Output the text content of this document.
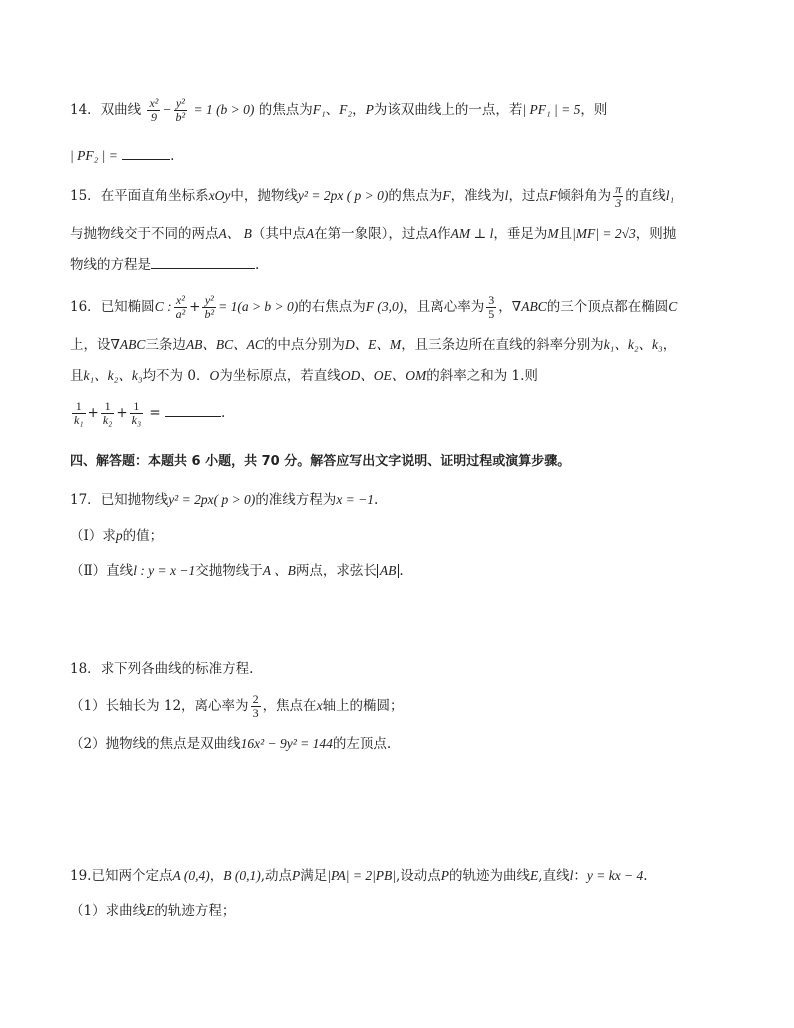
14．双曲线 $\frac{\text{x²}}{9} - \frac{\text{y²}}{\text{b²}} = 1$ (b > 0) 的焦点为F₁、F₂，P为该双曲线上的一点，若| PF₁ | = 5，则
| PF₂ | =	.
15．在平面直角坐标系xOy中，抛物线y² = 2px ( p > 0)的焦点为F，准线为l，过点F倾斜角为 $\frac{\pi}{3}$ 的直线l₁
与抛物线交于不同的两点A、 B（其中点A在第一象限），过点A作AM ⊥ l，垂足为M且|MF| = 2√3，则抛
物线的方程是	.
16．已知椭圆C : $\frac{\text{x²}}{\text{a²}} + \frac{\text{y²}}{\text{b²}} = 1(a > b > 0)$的右焦点为F (3,0)，且离心率为 $\frac{3}{5}$ ，∇ABC的三个顶点都在椭圆C
上，设∇ABC三条边AB、BC、AC的中点分别为D、E、M，且三条边所在直线的斜率分别为k₁、k₂、k₃，
且k₁、k₂、k₃均不为 0．O为坐标原点，若直线OD、OE、OM的斜率之和为 1.则
$\frac{1}{\text{k₁}} + \frac{1}{\text{k₂}} + \frac{1}{\text{k₃}}$ =	.
四、解答题：本题共 6 小题，共 70 分。解答应写出文字说明、证明过程或演算步骤。
17．已知抛物线y² = 2px( p > 0)的准线方程为x = −1.
（Ⅰ）求p的值；
（Ⅱ）直线l : y = x −1交抛物线于A 、B两点，求弦长 AB .
18．求下列各曲线的标准方程.
（1）长轴长为 12，离心率为 $\frac{2}{3}$ ，焦点在x轴上的椭圆；
（2）抛物线的焦点是双曲线16x² − 9y² = 144的左顶点.
19.已知两个定点A (0,4)，B (0,1),动点P满足|PA| = 2|PB|,设动点P的轨迹为曲线E,直线l：y = kx − 4.
（1）求曲线E的轨迹方程；
